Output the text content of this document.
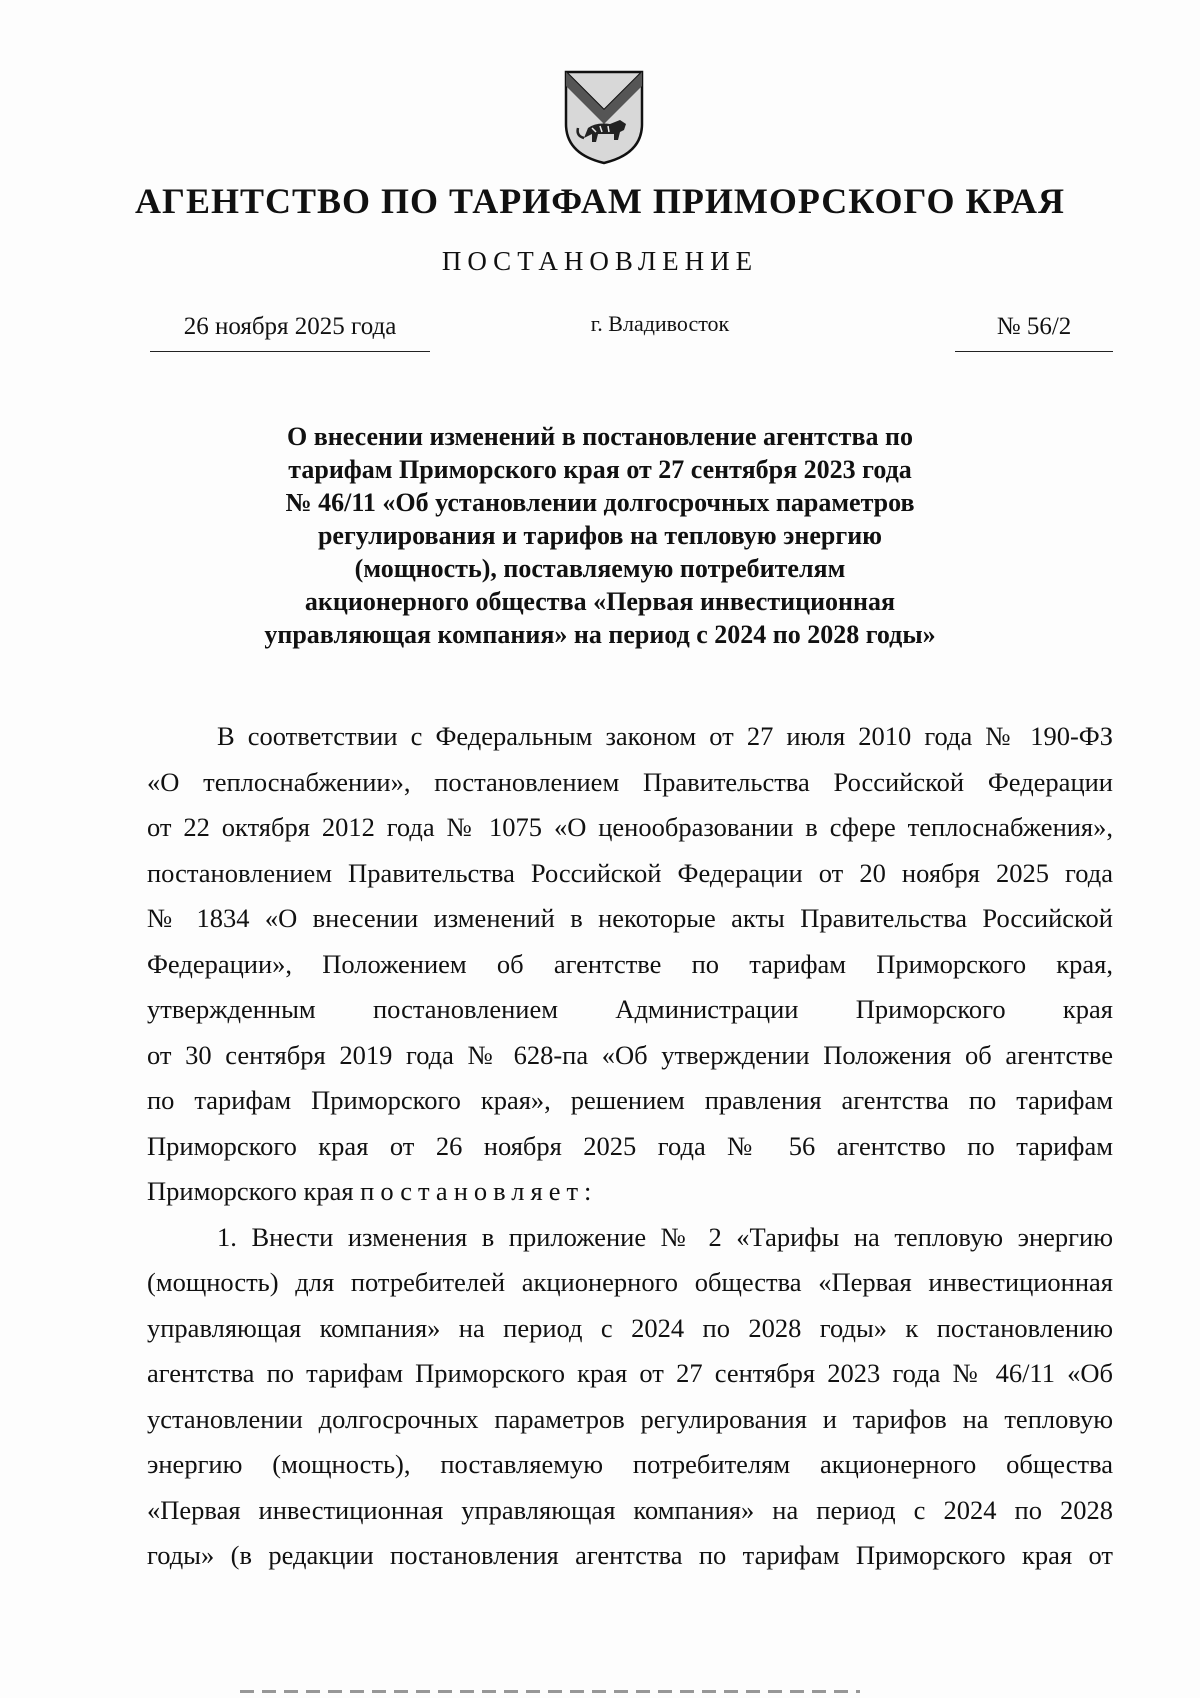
АГЕНТСТВО ПО ТАРИФАМ ПРИМОРСКОГО КРАЯ
ПОСТАНОВЛЕНИЕ
26 ноября 2025 года	г. Владивосток	№ 56/2
О внесении изменений в постановление агентства по
тарифам Приморского края от 27 сентября 2023 года
№ 46/11 «Об установлении долгосрочных параметров
регулирования и тарифов на тепловую энергию
(мощность), поставляемую потребителям
акционерного общества «Первая инвестиционная
управляющая компания» на период с 2024 по 2028 годы»
В соответствии с Федеральным законом от 27 июля 2010 года № 190-ФЗ
«О теплоснабжении», постановлением Правительства Российской Федерации
от 22 октября 2012 года № 1075 «О ценообразовании в сфере теплоснабжения»,
постановлением Правительства Российской Федерации от 20 ноября 2025 года
№ 1834 «О внесении изменений в некоторые акты Правительства Российской
Федерации», Положением об агентстве по тарифам Приморского края,
утвержденным постановлением Администрации Приморского края
от 30 сентября 2019 года № 628-па «Об утверждении Положения об агентстве
по тарифам Приморского края», решением правления агентства по тарифам
Приморского края от 26 ноября 2025 года № 56 агентство по тарифам
Приморского края постановляет:
1. Внести изменения в приложение № 2 «Тарифы на тепловую энергию
(мощность) для потребителей акционерного общества «Первая инвестиционная
управляющая компания» на период с 2024 по 2028 годы» к постановлению
агентства по тарифам Приморского края от 27 сентября 2023 года № 46/11 «Об
установлении долгосрочных параметров регулирования и тарифов на тепловую
энергию (мощность), поставляемую потребителям акционерного общества
«Первая инвестиционная управляющая компания» на период с 2024 по 2028
годы» (в редакции постановления агентства по тарифам Приморского края от
